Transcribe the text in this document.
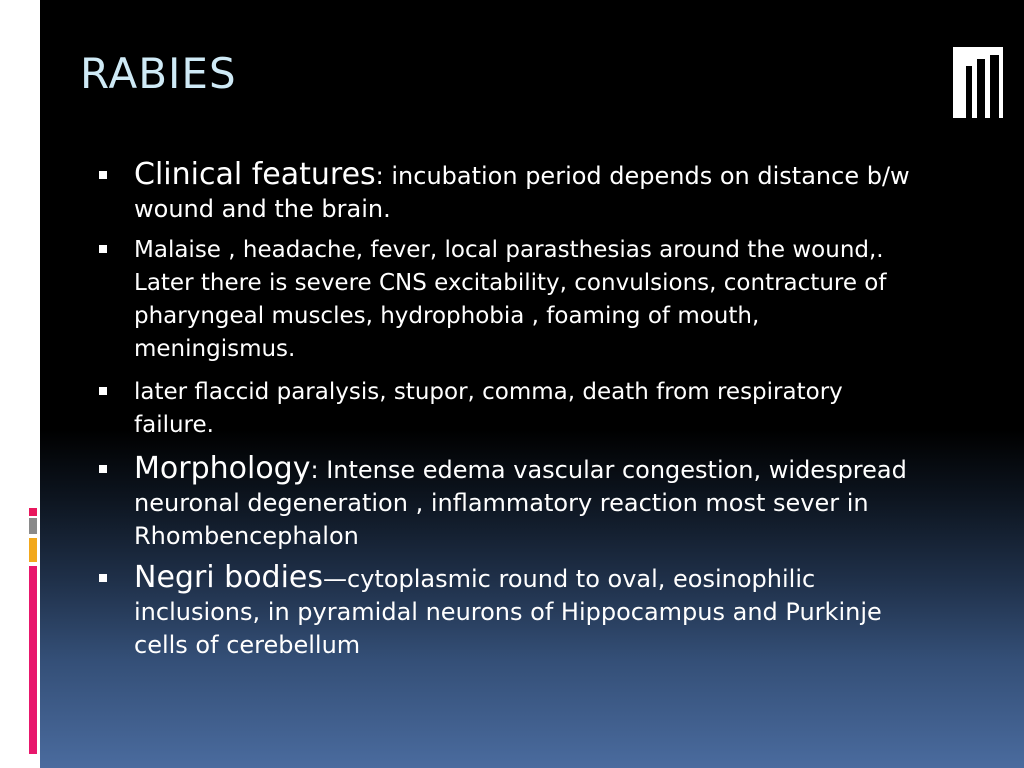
RABIES
Clinical features: incubation period depends on distance b/w wound and the brain.
Malaise , headache, fever, local parasthesias around the wound,. Later there is severe CNS excitability, convulsions, contracture of pharyngeal muscles, hydrophobia , foaming of mouth, meningismus.
later flaccid paralysis, stupor, comma, death from respiratory failure.
Morphology: Intense edema vascular congestion, widespread neuronal degeneration , inflammatory reaction most sever in Rhombencephalon
Negri bodies—cytoplasmic round to oval, eosinophilic inclusions, in pyramidal neurons of Hippocampus and Purkinje cells of cerebellum
